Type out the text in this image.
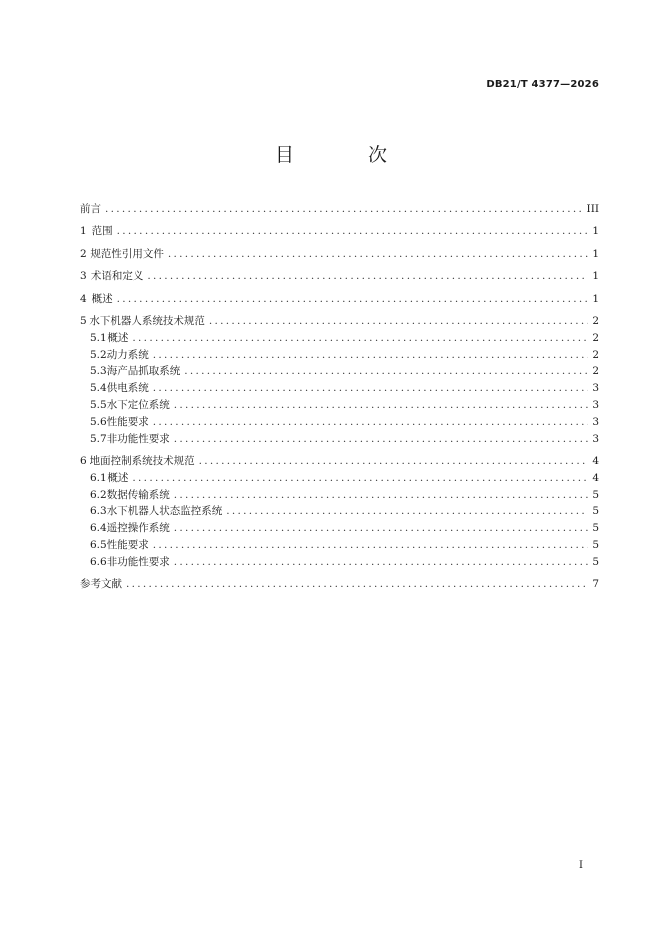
DB21/T 4377—2026
目 次
前言 .....	III
1 范围 .....	1
2 规范性引用文件 .....	1
3 术语和定义 .....	1
4 概述 .....	1
5 水下机器人系统技术规范 .....	2
5.1 概述 .....	2
5.2 动力系统 .....	2
5.3 海产品抓取系统 .....	2
5.4 供电系统 .....	3
5.5 水下定位系统 .....	3
5.6 性能要求 .....	3
5.7 非功能性要求 .....	3
6 地面控制系统技术规范 .....	4
6.1 概述 .....	4
6.2 数据传输系统 .....	5
6.3 水下机器人状态监控系统 .....	5
6.4 遥控操作系统 .....	5
6.5 性能要求 .....	5
6.6 非功能性要求 .....	5
参考文献 .....	7
I
